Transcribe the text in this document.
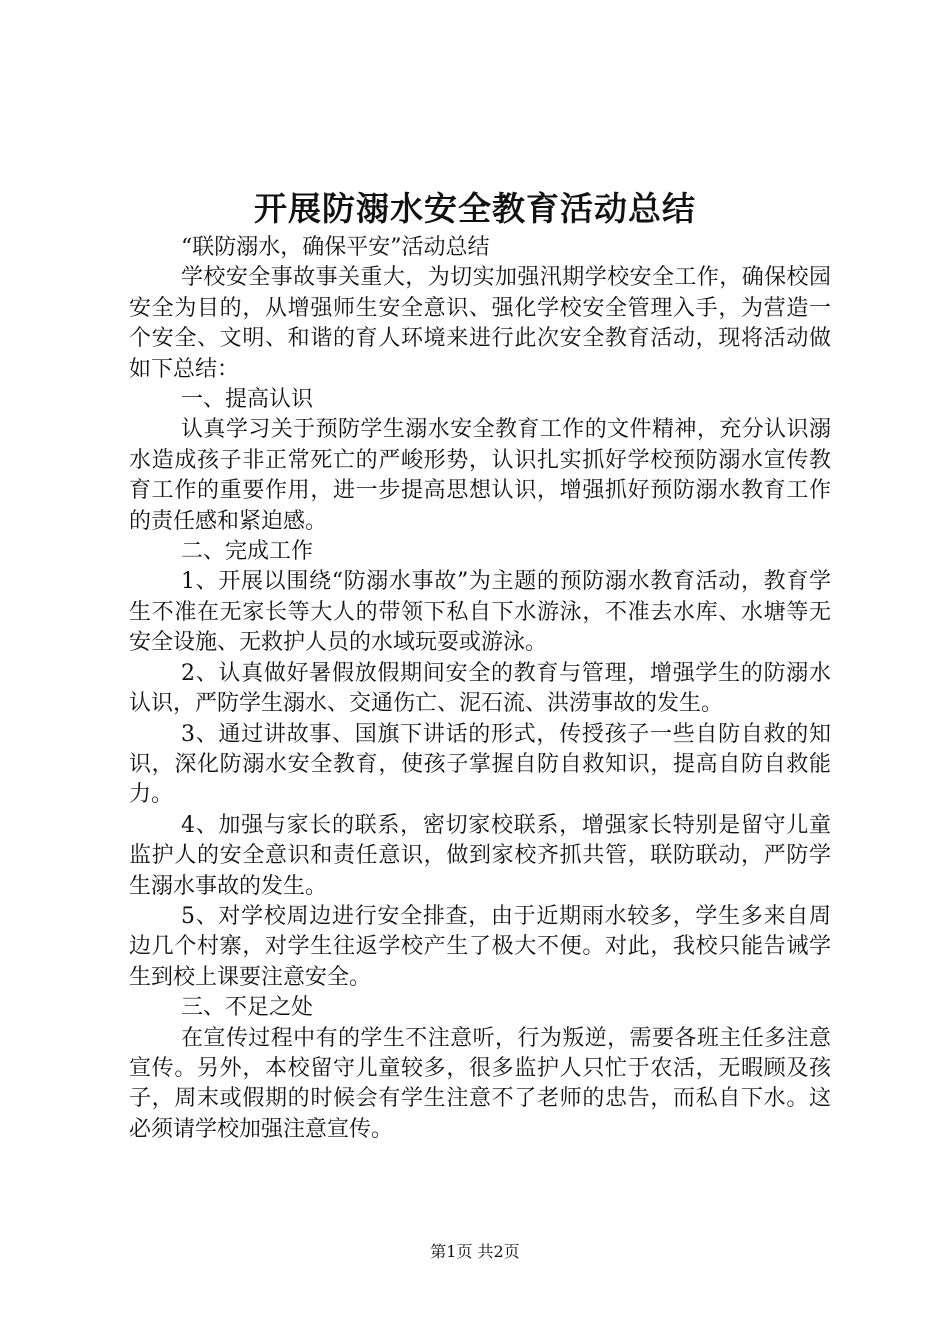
开展防溺水安全教育活动总结

“联防溺水，确保平安”活动总结

学校安全事故事关重大，为切实加强汛期学校安全工作，确保校园安全为目的，从增强师生安全意识、强化学校安全管理入手，为营造一个安全、文明、和谐的育人环境来进行此次安全教育活动，现将活动做如下总结：

一、提高认识

认真学习关于预防学生溺水安全教育工作的文件精神，充分认识溺水造成孩子非正常死亡的严峻形势，认识扎实抓好学校预防溺水宣传教育工作的重要作用，进一步提高思想认识，增强抓好预防溺水教育工作的责任感和紧迫感。

二、完成工作

1、开展以围绕“防溺水事故”为主题的预防溺水教育活动，教育学生不准在无家长等大人的带领下私自下水游泳，不准去水库、水塘等无安全设施、无救护人员的水域玩耍或游泳。

2、认真做好暑假放假期间安全的教育与管理，增强学生的防溺水认识，严防学生溺水、交通伤亡、泥石流、洪涝事故的发生。

3、通过讲故事、国旗下讲话的形式，传授孩子一些自防自救的知识，深化防溺水安全教育，使孩子掌握自防自救知识，提高自防自救能力。

4、加强与家长的联系，密切家校联系，增强家长特别是留守儿童监护人的安全意识和责任意识，做到家校齐抓共管，联防联动，严防学生溺水事故的发生。

5、对学校周边进行安全排查，由于近期雨水较多，学生多来自周边几个村寨，对学生往返学校产生了极大不便。对此，我校只能告诫学生到校上课要注意安全。

三、不足之处

在宣传过程中有的学生不注意听，行为叛逆，需要各班主任多注意宣传。另外，本校留守儿童较多，很多监护人只忙于农活，无暇顾及孩子，周末或假期的时候会有学生注意不了老师的忠告，而私自下水。这必须请学校加强注意宣传。

第1页 共2页
